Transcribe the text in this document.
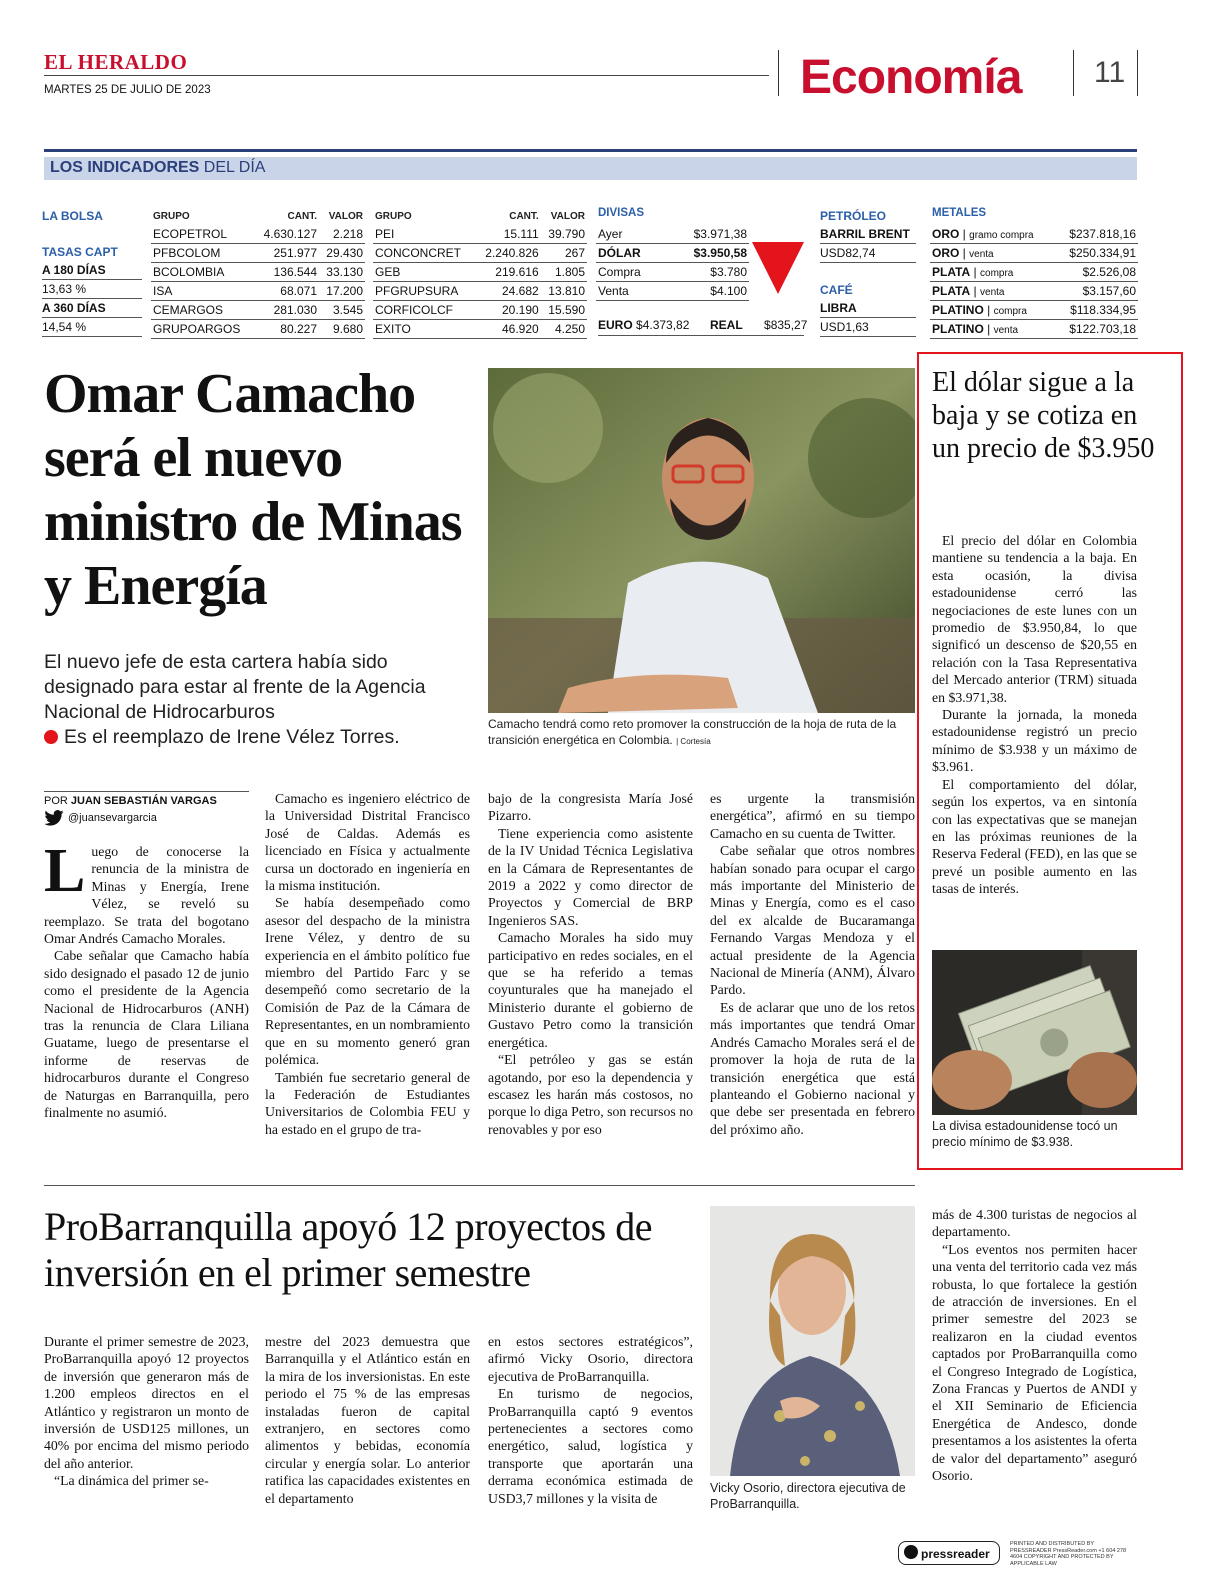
EL HERALDO
MARTES 25 DE JULIO DE 2023	Economía 11
LOS INDICADORES DEL DÍA
LA BOLSA
TASAS CAPT
A 180 DÍAS
13,63 %
A 360 DÍAS
14,54 %
GRUPO	CANT.	VALOR
ECOPETROL	4.630.127	2.218
PFBCOLOM	251.977	29.430
BCOLOMBIA	136.544	33.130
ISA	68.071	17.200
CEMARGOS	281.030	3.545
GRUPOARGOS	80.227	9.680
GRUPO	CANT.	VALOR
PEI	15.111	39.790
CONCONCRET	2.240.826	267
GEB	219.616	1.805
PFGRUPSURA	24.682	13.810
CORFICOLCF	20.190	15.590
EXITO	46.920	4.250
DIVISAS
Ayer	$3.971,38
DÓLAR	$3.950,58
Compra	$3.780
Venta	$4.100
EURO $4.373,82 REAL $835,27
PETRÓLEO
BARRIL BRENT
USD82,74
CAFÉ
LIBRA
USD1,63
METALES
ORO | gramo compra	$237.818,16
ORO | venta	$250.334,91
PLATA | compra	$2.526,08
PLATA | venta	$3.157,60
PLATINO | compra	$118.334,95
PLATINO | venta	$122.703,18
Omar Camacho será el nuevo ministro de Minas y Energía
El nuevo jefe de esta cartera había sido designado para estar al frente de la Agencia Nacional de Hidrocarburos
Es el reemplazo de Irene Vélez Torres.
Camacho tendrá como reto promover la construcción de la hoja de ruta de la transición energética en Colombia. | Cortesía
POR JUAN SEBASTIÁN VARGAS
@juansevargarcia

Luego de conocerse la renuncia de la ministra de Minas y Energía, Irene Vélez, se reveló su reemplazo. Se trata del bogotano Omar Andrés Camacho Morales.

Cabe señalar que Camacho había sido designado el pasado 12 de junio como el presidente de la Agencia Nacional de Hidrocarburos (ANH) tras la renuncia de Clara Liliana Guatame, luego de presentarse el informe de reservas de hidrocarburos durante el Congreso de Naturgas en Barranquilla, pero finalmente no asumió.

Camacho es ingeniero eléctrico de la Universidad Distrital Francisco José de Caldas. Además es licenciado en Física y actualmente cursa un doctorado en ingeniería en la misma institución.

Se había desempeñado como asesor del despacho de la ministra Irene Vélez, y dentro de su experiencia en el ámbito político fue miembro del Partido Farc y se desempeñó como secretario de la Comisión de Paz de la Cámara de Representantes, en un nombramiento que en su momento generó gran polémica.

También fue secretario general de la Federación de Estudiantes Universitarios de Colombia FEU y ha estado en el grupo de tra-

bajo de la congresista María José Pizarro.

Tiene experiencia como asistente de la IV Unidad Técnica Legislativa en la Cámara de Representantes de 2019 a 2022 y como director de Proyectos y Comercial de BRP Ingenieros SAS.

Camacho Morales ha sido muy participativo en redes sociales, en el que se ha referido a temas coyunturales que ha manejado el Ministerio durante el gobierno de Gustavo Petro como la transición energética.

“El petróleo y gas se están agotando, por eso la dependencia y escasez les harán más costosos, no porque lo diga Petro, son recursos no renovables y por eso

es urgente la transmisión energética”, afirmó en su tiempo Camacho en su cuenta de Twitter.

Cabe señalar que otros nombres habían sonado para ocupar el cargo más importante del Ministerio de Minas y Energía, como es el caso del ex alcalde de Bucaramanga Fernando Vargas Mendoza y el actual presidente de la Agencia Nacional de Minería (ANM), Álvaro Pardo.

Es de aclarar que uno de los retos más importantes que tendrá Omar Andrés Camacho Morales será el de promover la hoja de ruta de la transición energética que está planteando el Gobierno nacional y que debe ser presentada en febrero del próximo año.

El dólar sigue a la baja y se cotiza en un precio de $3.950

El precio del dólar en Colombia mantiene su tendencia a la baja. En esta ocasión, la divisa estadounidense cerró las negociaciones de este lunes con un promedio de $3.950,84, lo que significó un descenso de $20,55 en relación con la Tasa Representativa del Mercado anterior (TRM) situada en $3.971,38.

Durante la jornada, la moneda estadounidense registró un precio mínimo de $3.938 y un máximo de $3.961.

El comportamiento del dólar, según los expertos, va en sintonía con las expectativas que se manejan en las próximas reuniones de la Reserva Federal (FED), en las que se prevé un posible aumento en las tasas de interés.

La divisa estadounidense tocó un precio mínimo de $3.938.
ProBarranquilla apoyó 12 proyectos de inversión en el primer semestre

Durante el primer semestre de 2023, ProBarranquilla apoyó 12 proyectos de inversión que generaron más de 1.200 empleos directos en el Atlántico y registraron un monto de inversión de USD125 millones, un 40% por encima del mismo periodo del año anterior.

“La dinámica del primer se-

mestre del 2023 demuestra que Barranquilla y el Atlántico están en la mira de los inversionistas. En este periodo el 75 % de las empresas instaladas fueron de capital extranjero, en sectores como alimentos y bebidas, economía circular y energía solar. Lo anterior ratifica las capacidades existentes en el departamento

en estos sectores estratégicos”, afirmó Vicky Osorio, directora ejecutiva de ProBarranquilla.

En turismo de negocios, ProBarranquilla captó 9 eventos pertenecientes a sectores como energético, salud, logística y transporte que aportarán una derrama económica estimada de USD3,7 millones y la visita de

Vicky Osorio, directora ejecutiva de ProBarranquilla.

más de 4.300 turistas de negocios al departamento.

“Los eventos nos permiten hacer una venta del territorio cada vez más robusta, lo que fortalece la gestión de atracción de inversiones. En el primer semestre del 2023 se realizaron en la ciudad eventos captados por ProBarranquilla como el Congreso Integrado de Logística, Zona Francas y Puertos de ANDI y el XII Seminario de Eficiencia Energética de Andesco, donde presentamos a los asistentes la oferta de valor del departamento” aseguró Osorio.

pressreader
PRINTED AND DISTRIBUTED BY PRESSREADER PressReader.com +1 604 278 4604 COPYRIGHT AND PROTECTED BY APPLICABLE LAW
